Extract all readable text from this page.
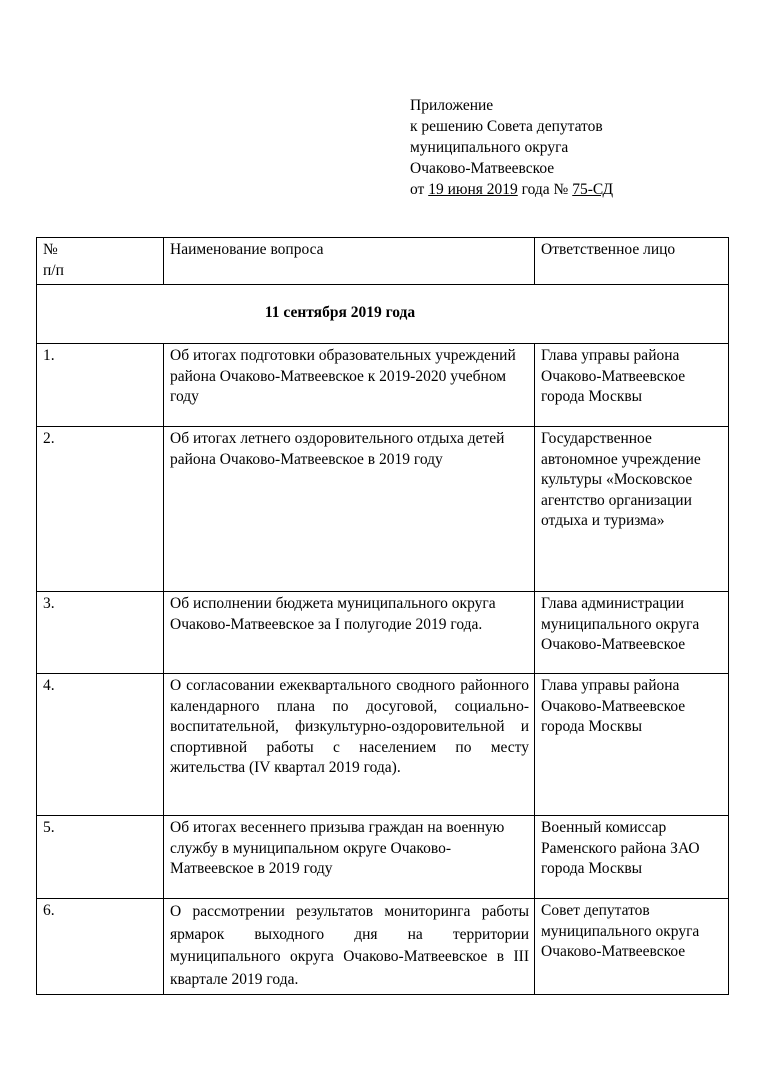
Приложение
к решению Совета депутатов
муниципального округа
Очаково-Матвеевское
от 19 июня 2019 года № 75-СД
№
п/п	Наименование вопроса	Ответственное лицо
11 сентября 2019 года		
1.	Об итогах подготовки образовательных учреждений района Очаково-Матвеевское к 2019-2020 учебном году	Глава управы района Очаково-Матвеевское города Москвы
2.	Об итогах летнего оздоровительного отдыха детей района Очаково-Матвеевское в 2019 году	Государственное автономное учреждение культуры «Московское агентство организации отдыха и туризма»
3.	Об исполнении бюджета муниципального округа Очаково-Матвеевское за I полугодие 2019 года.	Глава администрации муниципального округа Очаково-Матвеевское
4.	О согласовании ежеквартального сводного районного календарного плана по досуговой, социально-воспитательной, физкультурно-оздоровительной и спортивной работы с населением по месту жительства (IV квартал 2019 года).	Глава управы района Очаково-Матвеевское города Москвы
5.	Об итогах весеннего призыва граждан на военную службу в муниципальном округе Очаково-Матвеевское в 2019 году	Военный комиссар Раменского района ЗАО города Москвы
6.	О рассмотрении результатов мониторинга работы ярмарок выходного дня на территории муниципального округа Очаково-Матвеевское в III квартале 2019 года.	Совет депутатов муниципального округа Очаково-Матвеевское
